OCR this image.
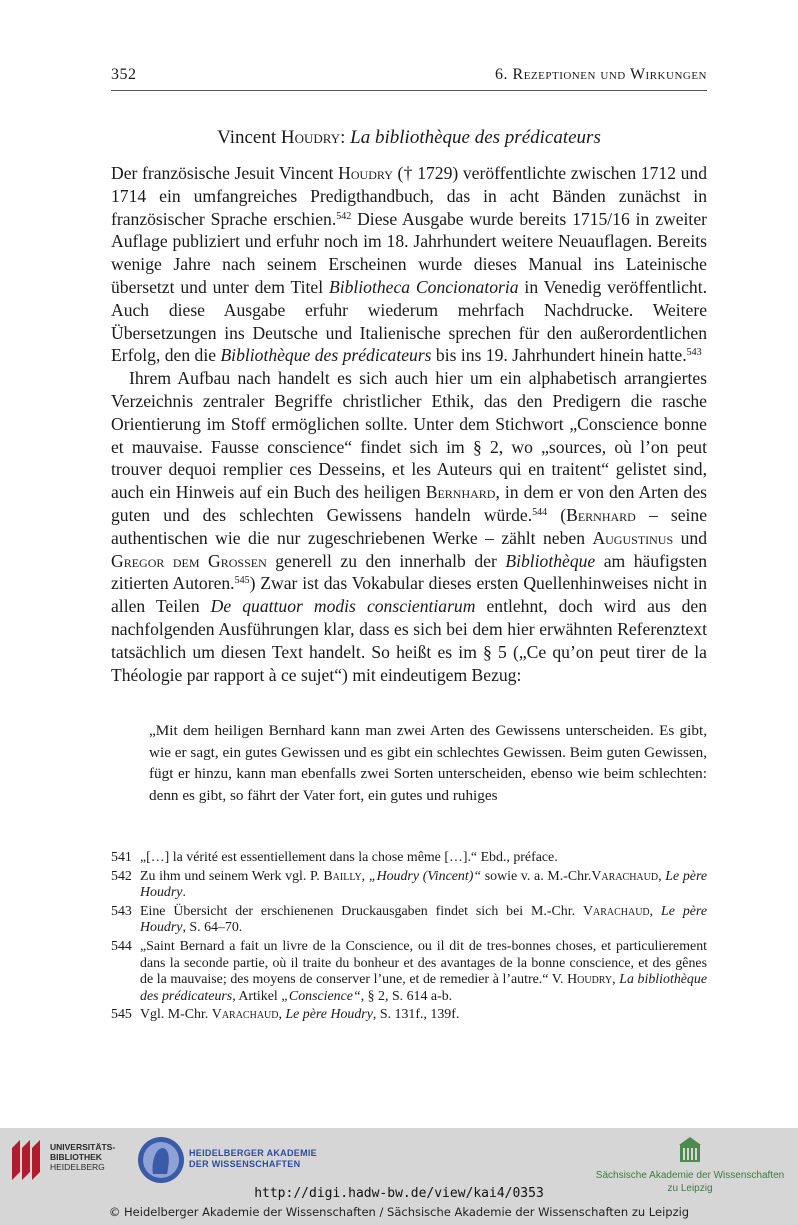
352	6. Rezeptionen und Wirkungen
Vincent Houdry: La bibliothèque des prédicateurs

Der französische Jesuit Vincent Houdry († 1729) veröffentlichte zwischen 1712 und 1714 ein umfangreiches Predigthandbuch, das in acht Bänden zunächst in französischer Sprache erschien.$^{542}$ Diese Ausgabe wurde bereits 1715/16 in zweiter Auflage publiziert und erfuhr noch im 18. Jahrhundert weitere Neuauflagen. Bereits wenige Jahre nach seinem Erscheinen wurde dieses Manual ins Lateinische übersetzt und unter dem Titel Bibliotheca Concionatoria in Venedig veröffentlicht. Auch diese Ausgabe erfuhr wiederum mehrfach Nachdrucke. Weitere Übersetzungen ins Deutsche und Italienische sprechen für den außerordentlichen Erfolg, den die Bibliothèque des prédicateurs bis ins 19. Jahrhundert hinein hatte.$^{543}$

Ihrem Aufbau nach handelt es sich auch hier um ein alphabetisch arrangiertes Verzeichnis zentraler Begriffe christlicher Ethik, das den Predigern die rasche Orientierung im Stoff ermöglichen sollte. Unter dem Stichwort „Conscience bonne et mauvaise. Fausse conscience“ findet sich im § 2, wo „sources, où l’on peut trouver dequoi remplier ces Desseins, et les Auteurs qui en traitent“ gelistet sind, auch ein Hinweis auf ein Buch des heiligen Bernhard, in dem er von den Arten des guten und des schlechten Gewissens handeln würde.$^{544}$ (Bernhard – seine authentischen wie die nur zugeschriebenen Werke – zählt neben Augustinus und Gregor dem Grossen generell zu den innerhalb der Bibliothèque am häufigsten zitierten Autoren.$^{545}$) Zwar ist das Vokabular dieses ersten Quellenhinweises nicht in allen Teilen De quattuor modis conscientiarum entlehnt, doch wird aus den nachfolgenden Ausführungen klar, dass es sich bei dem hier erwähnten Referenztext tatsächlich um diesen Text handelt. So heißt es im § 5 („Ce qu’on peut tirer de la Théologie par rapport à ce sujet“) mit eindeutigem Bezug:

„Mit dem heiligen Bernhard kann man zwei Arten des Gewissens unterscheiden. Es gibt, wie er sagt, ein gutes Gewissen und es gibt ein schlechtes Gewissen. Beim guten Gewissen, fügt er hinzu, kann man ebenfalls zwei Sorten unterscheiden, ebenso wie beim schlechten: denn es gibt, so fährt der Vater fort, ein gutes und ruhiges
541 „[…] la vérité est essentiellement dans la chose même […].“ Ebd., préface.
542 Zu ihm und seinem Werk vgl. P. Bailly, „Houdry (Vincent)“ sowie v. a. M.-Chr.Varachaud, Le père Houdry.
543 Eine Übersicht der erschienenen Druckausgaben findet sich bei M.-Chr. Varachaud, Le père Houdry, S. 64–70.
544 „Saint Bernard a fait un livre de la Conscience, ou il dit de tres-bonnes choses, et particulierement dans la seconde partie, où il traite du bonheur et des avantages de la bonne conscience, et des gênes de la mauvaise; des moyens de conserver l’une, et de remedier à l’autre.“ V. Houdry, La bibliothèque des prédicateurs, Artikel „Conscience“, § 2, S. 614 a-b.
545 Vgl. M-Chr. Varachaud, Le père Houdry, S. 131f., 139f.
UNIVERSITÄTS-
BIBLIOTHEK
HEIDELBERG
HEIDELBERGER AKADEMIE
DER WISSENSCHAFTEN
Sächsische Akademie der Wissenschaften
zu Leipzig
http://digi.hadw-bw.de/view/kai4/0353
© Heidelberger Akademie der Wissenschaften / Sächsische Akademie der Wissenschaften zu Leipzig
